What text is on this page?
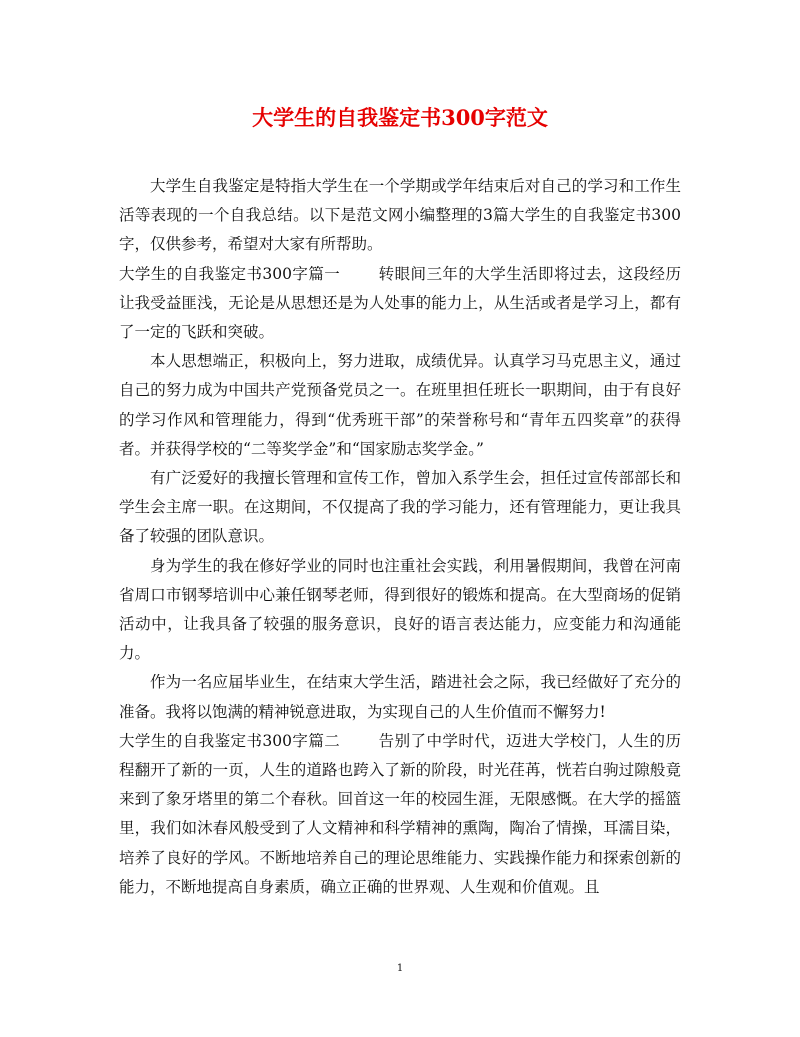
大学生的自我鉴定书300字范文

大学生自我鉴定是特指大学生在一个学期或学年结束后对自己的学习和工作生活等表现的一个自我总结。以下是范文网小编整理的3篇大学生的自我鉴定书300字，仅供参考，希望对大家有所帮助。

大学生的自我鉴定书300字篇一 转眼间三年的大学生活即将过去，这段经历让我受益匪浅，无论是从思想还是为人处事的能力上，从生活或者是学习上，都有了一定的飞跃和突破。

本人思想端正，积极向上，努力进取，成绩优异。认真学习马克思主义，通过自己的努力成为中国共产党预备党员之一。在班里担任班长一职期间，由于有良好的学习作风和管理能力，得到“优秀班干部”的荣誉称号和“青年五四奖章”的获得者。并获得学校的“二等奖学金”和“国家励志奖学金。”

有广泛爱好的我擅长管理和宣传工作，曾加入系学生会，担任过宣传部部长和学生会主席一职。在这期间，不仅提高了我的学习能力，还有管理能力，更让我具备了较强的团队意识。

身为学生的我在修好学业的同时也注重社会实践，利用暑假期间，我曾在河南省周口市钢琴培训中心兼任钢琴老师，得到很好的锻炼和提高。在大型商场的促销活动中，让我具备了较强的服务意识，良好的语言表达能力，应变能力和沟通能力。

作为一名应届毕业生，在结束大学生活，踏进社会之际，我已经做好了充分的准备。我将以饱满的精神锐意进取，为实现自己的人生价值而不懈努力!

大学生的自我鉴定书300字篇二 告别了中学时代，迈进大学校门，人生的历程翻开了新的一页，人生的道路也跨入了新的阶段，时光荏苒，恍若白驹过隙般竟来到了象牙塔里的第二个春秋。回首这一年的校园生涯，无限感慨。在大学的摇篮里，我们如沐春风般受到了人文精神和科学精神的熏陶，陶冶了情操，耳濡目染，培养了良好的学风。不断地培养自己的理论思维能力、实践操作能力和探索创新的能力，不断地提高自身素质，确立正确的世界观、人生观和价值观。且

1
